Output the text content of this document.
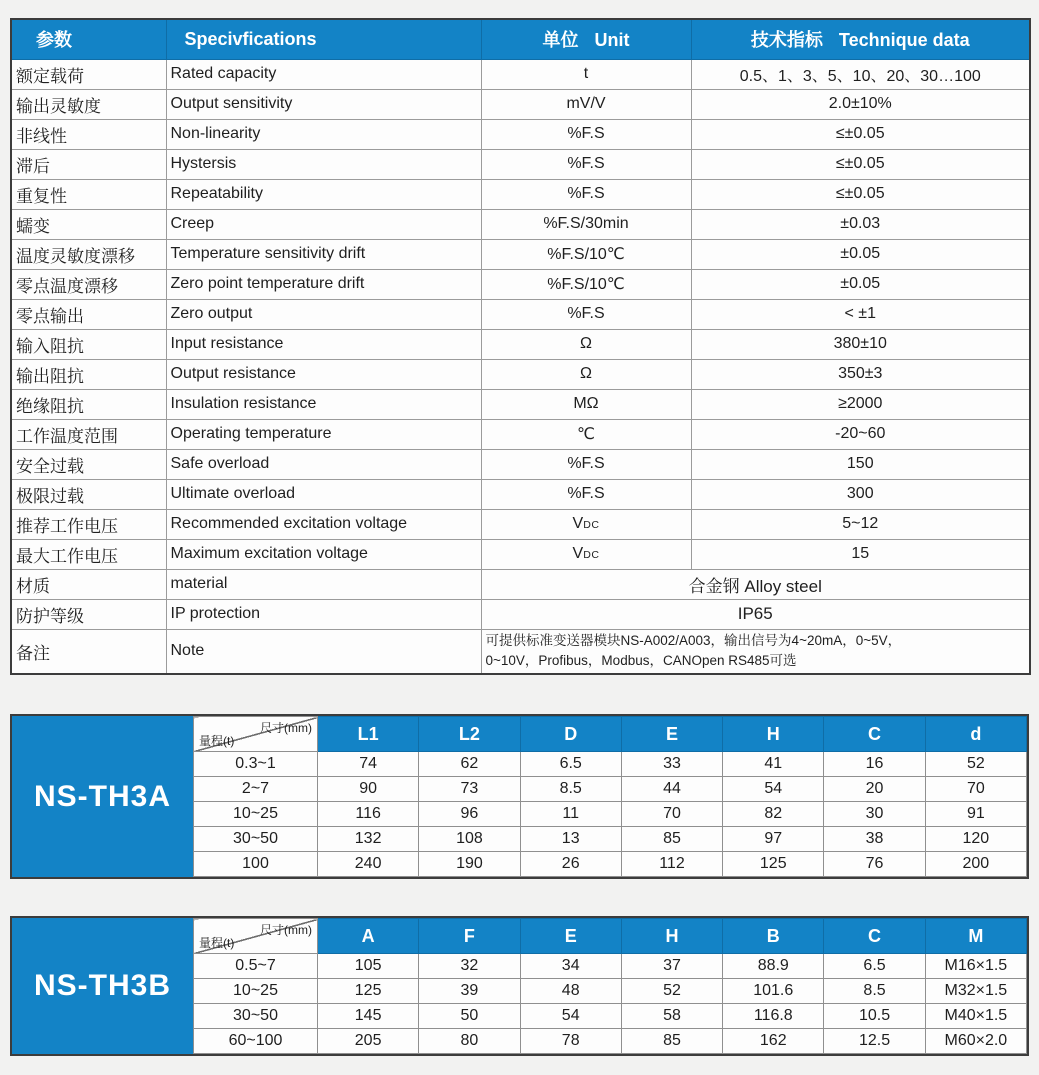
参数	Specivfications	单位 Unit	技术指标 Technique data
额定载荷	Rated capacity	t	0.5、1、3、5、10、20、30…100
输出灵敏度	Output sensitivity	mV/V	2.0±10%
非线性	Non-linearity	%F.S	≤±0.05
滞后	Hystersis	%F.S	≤±0.05
重复性	Repeatability	%F.S	≤±0.05
蠕变	Creep	%F.S/30min	±0.03
温度灵敏度漂移	Temperature sensitivity drift	%F.S/10℃	±0.05
零点温度漂移	Zero point temperature drift	%F.S/10℃	±0.05
零点输出	Zero output	%F.S	< ±1
输入阻抗	Input resistance	Ω	380±10
输出阻抗	Output resistance	Ω	350±3
绝缘阻抗	Insulation resistance	MΩ	≥2000
工作温度范围	Operating temperature	℃	-20~60
安全过载	Safe overload	%F.S	150
极限过载	Ultimate overload	%F.S	300
推荐工作电压	Recommended excitation voltage	VDC	5~12
最大工作电压	Maximum excitation voltage	VDC	15
材质	material	合金钢 Alloy steel	
防护等级	IP protection	IP65	
备注	Note	可提供标准变送器模块NS-A002/A003，输出信号为4~20mA，0~5V，
0~10V，Profibus，Modbus，CANOpen RS485可选	
NS-TH3A
尺寸(mm)
量程(t)	L1	L2	D	E	H	C	d
0.3~1	74	62	6.5	33	41	16	52
2~7	90	73	8.5	44	54	20	70
10~25	116	96	11	70	82	30	91
30~50	132	108	13	85	97	38	120
100	240	190	26	112	125	76	200
NS-TH3B
尺寸(mm)
量程(t)	A	F	E	H	B	C	M
0.5~7	105	32	34	37	88.9	6.5	M16×1.5
10~25	125	39	48	52	101.6	8.5	M32×1.5
30~50	145	50	54	58	116.8	10.5	M40×1.5
60~100	205	80	78	85	162	12.5	M60×2.0
